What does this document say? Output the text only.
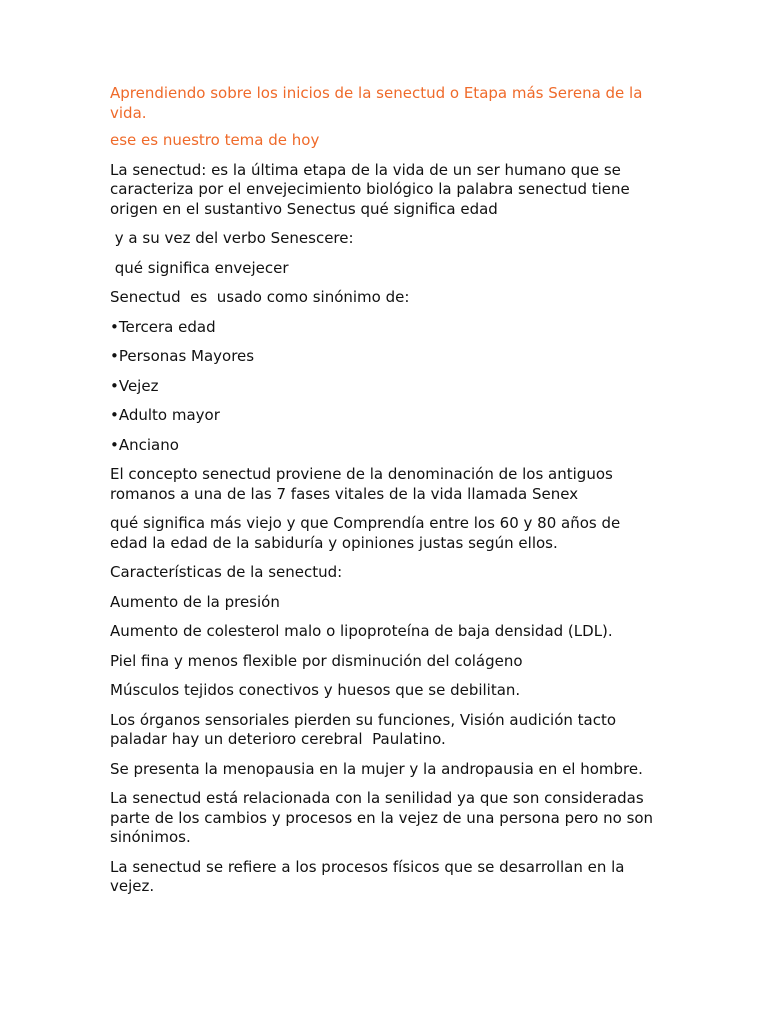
Aprendiendo sobre los inicios de la senectud o Etapa más Serena de la vida.

ese es nuestro tema de hoy

La senectud: es la última etapa de la vida de un ser humano que se caracteriza por el envejecimiento biológico la palabra senectud tiene origen en el sustantivo Senectus qué significa edad

y a su vez del verbo Senescere:

qué significa envejecer

Senectud  es  usado como sinónimo de:

•Tercera edad

•Personas Mayores

•Vejez

•Adulto mayor

•Anciano

El concepto senectud proviene de la denominación de los antiguos romanos a una de las 7 fases vitales de la vida llamada Senex

qué significa más viejo y que Comprendía entre los 60 y 80 años de edad la edad de la sabiduría y opiniones justas según ellos.

Características de la senectud:

Aumento de la presión

Aumento de colesterol malo o lipoproteína de baja densidad (LDL).

Piel fina y menos flexible por disminución del colágeno

Músculos tejidos conectivos y huesos que se debilitan.

Los órganos sensoriales pierden su funciones, Visión audición tacto paladar hay un deterioro cerebral  Paulatino.

Se presenta la menopausia en la mujer y la andropausia en el hombre.

La senectud está relacionada con la senilidad ya que son consideradas parte de los cambios y procesos en la vejez de una persona pero no son sinónimos.

La senectud se refiere a los procesos físicos que se desarrollan en la vejez.
